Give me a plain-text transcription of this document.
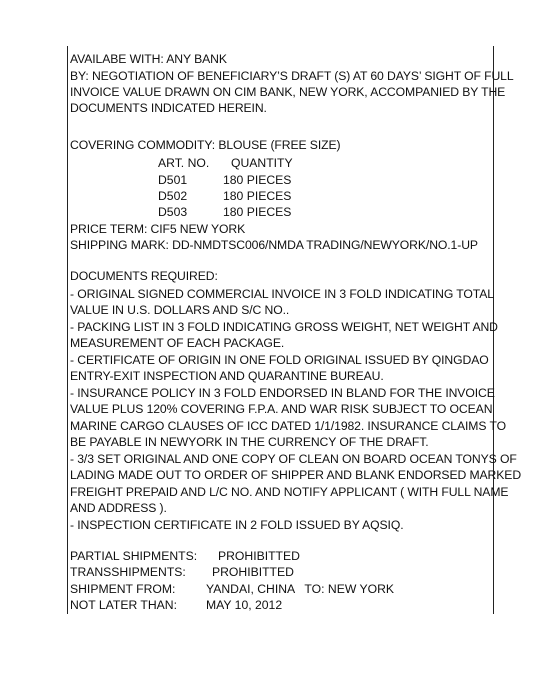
AVAILABE WITH: ANY BANK
BY: NEGOTIATION OF BENEFICIARY’S DRAFT (S) AT 60 DAYS’ SIGHT OF FULL
INVOICE VALUE DRAWN ON CIM BANK, NEW YORK, ACCOMPANIED BY THE
DOCUMENTS INDICATED HEREIN.
COVERING COMMODITY: BLOUSE (FREE SIZE)
ART. NO. QUANTITY
D501	180 PIECES
D502	180 PIECES
D503	180 PIECES
PRICE TERM: CIF5 NEW YORK
SHIPPING MARK: DD-NMDTSC006/NMDA TRADING/NEWYORK/NO.1-UP
DOCUMENTS REQUIRED:
- ORIGINAL SIGNED COMMERCIAL INVOICE IN 3 FOLD INDICATING TOTAL
VALUE IN U.S. DOLLARS AND S/C NO..
- PACKING LIST IN 3 FOLD INDICATING GROSS WEIGHT, NET WEIGHT AND
MEASUREMENT OF EACH PACKAGE.
- CERTIFICATE OF ORIGIN IN ONE FOLD ORIGINAL ISSUED BY QINGDAO
ENTRY-EXIT INSPECTION AND QUARANTINE BUREAU.
- INSURANCE POLICY IN 3 FOLD ENDORSED IN BLAND FOR THE INVOICE
VALUE PLUS 120% COVERING F.P.A. AND WAR RISK SUBJECT TO OCEAN
MARINE CARGO CLAUSES OF ICC DATED 1/1/1982. INSURANCE CLAIMS TO
BE PAYABLE IN NEWYORK IN THE CURRENCY OF THE DRAFT.
- 3/3 SET ORIGINAL AND ONE COPY OF CLEAN ON BOARD OCEAN TONYS OF
LADING MADE OUT TO ORDER OF SHIPPER AND BLANK ENDORSED MARKED
FREIGHT PREPAID AND L/C NO. AND NOTIFY APPLICANT ( WITH FULL NAME
AND ADDRESS ).
- INSPECTION CERTIFICATE IN 2 FOLD ISSUED BY AQSIQ.
PARTIAL SHIPMENTS: PROHIBITTED
TRANSSHIPMENTS: PROHIBITTED
SHIPMENT FROM:	YANDAI, CHINA   TO: NEW YORK
NOT LATER THAN: MAY 10, 2012
